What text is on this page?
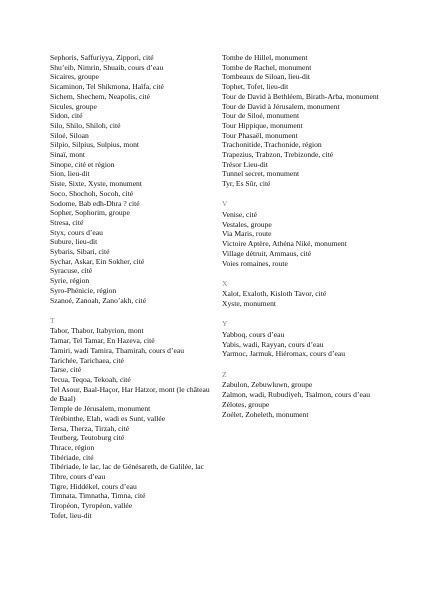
Sephoris, Saffuriyya, Zippori, cité
Shu’eib, Nimrin, Shuaib, cours d’eau
Sicaires, groupe
Sicaminon, Tel Shikmona, Haïfa, cité
Sichem, Shechem, Neapolis, cité
Sicules, groupe
Sidon, cité
Silo, Shilo, Shiloh, cité
Siloé, Siloan
Silpio, Silpius, Sulpius, mont
Sinaï, mont
Sinope, cité et région
Sion, lieu-dit
Siste, Sixte, Xyste, monument
Soco, Shochoh, Socoh, cité
Sodome, Bab edh-Dhra ? cité
Sopher, Sophorim, groupe
Stresa, cité
Styx, cours d’eau
Subure, lieu-dit
Sybaris, Sibari, cité
Sychar, Askar, Ein Sokher, cité
Syracuse, cité
Syrie, région
Syro-Phénicie, région
Szanoé, Zanoah, Zano’akh, cité
T
Tabor, Thabor, Itabyrion, mont
Tamar, Tel Tamar, En Hazeva, cité
Tamiri, wadi Tamira, Thamirah, cours d’eau
Tarichée, Tarichaea, cité
Tarse, cité
Tecua, Teqoa, Tekoah, cité
Tel Asour, Baal-Haçor, Har Hatzor, mont (le château de Baal)
Temple de Jérusalem, monument
Térébinthe, Elah, wadi es Sunt, vallée
Tersa, Therza, Tirzah, cité
Teutberg, Teutoburg cité
Thrace, région
Tibériade, cité
Tibériade, le lac, lac de Génésareth, de Galilée, lac
Tibre, cours d’eau
Tigre, Hiddékel, cours d’eau
Timnata, Timnatha, Timna, cité
Tiropéon, Tyropéon, vallée
Tofet, lieu-dit
Tombe de Hillel, monument
Tombe de Rachel, monument
Tombeaux de Siloan, lieu-dit
Tophet, Tofet, lieu-dit
Tour de David à Bethléem, Birath-Arba, monument
Tour de David à Jérusalem, monument
Tour de Siloé, monument
Tour Hippique, monument
Tour Phasaël, monument
Trachonitide, Trachonide, région
Trapezius, Trabzon, Trebizonde, cité
Trésor Lieu-dit
Tunnel secret, monument
Tyr, Es Sûr, cité
V
Venise, cité
Vestales, groupe
Via Maris, route
Victoire Aptère, Athéna Niké, monument
Village détruit, Ammaus, cité
Voies romaines, route
X
Xalot, Exaloth, Kisloth Tavor, cité
Xyste, monument
Y
Yabboq, cours d’eau
Yabis, wadi, Rayyan, cours d’eau
Yarmoc, Jarmuk, Hiéromax, cours d’eau
Z
Zabulon, Zebuwluwn, groupe
Zalmon, wadi, Rubudiyeh, Tsalmon, cours d’eau
Zélotes, groupe
Zoélet, Zoheleth, monument
